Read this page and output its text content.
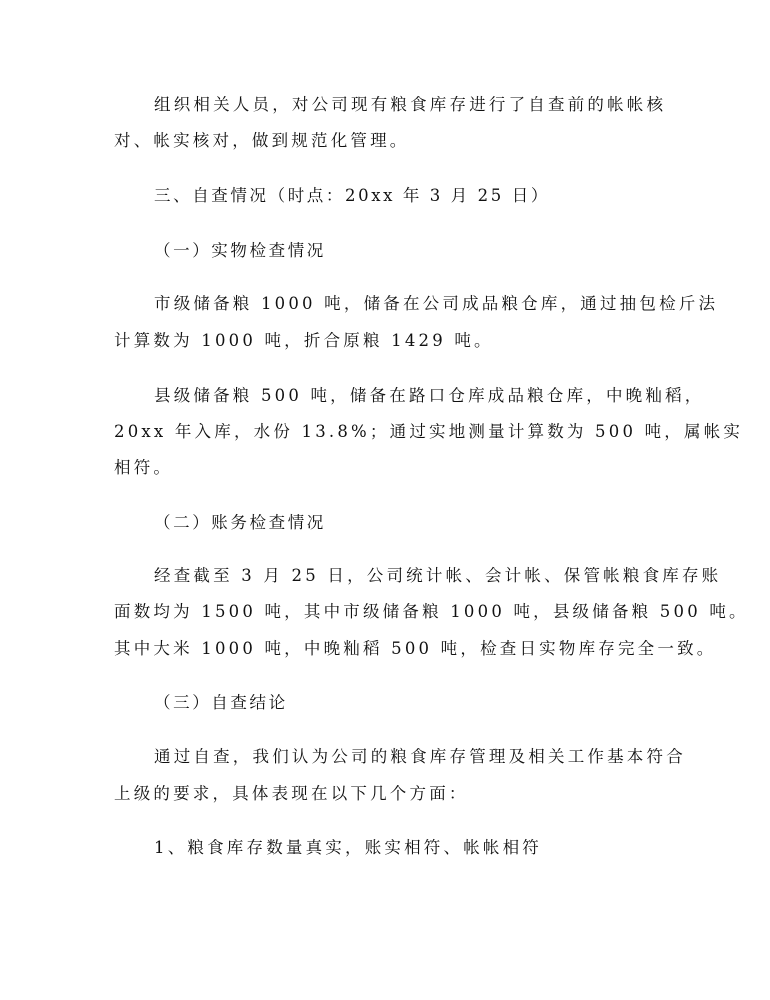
组织相关人员，对公司现有粮食库存进行了自查前的帐帐核
对、帐实核对，做到规范化管理。
三、自查情况（时点：20xx 年 3 月 25 日）
（一）实物检查情况
市级储备粮 1000 吨，储备在公司成品粮仓库，通过抽包检斤法
计算数为 1000 吨，折合原粮 1429 吨。
县级储备粮 500 吨，储备在路口仓库成品粮仓库，中晚籼稻，
20xx 年入库，水份 13.8%；通过实地测量计算数为 500 吨，属帐实
相符。
（二）账务检查情况
经查截至 3 月 25 日，公司统计帐、会计帐、保管帐粮食库存账
面数均为 1500 吨，其中市级储备粮 1000 吨，县级储备粮 500 吨。
其中大米 1000 吨，中晚籼稻 500 吨，检查日实物库存完全一致。
（三）自查结论
通过自查，我们认为公司的粮食库存管理及相关工作基本符合
上级的要求，具体表现在以下几个方面：
1、粮食库存数量真实，账实相符、帐帐相符
